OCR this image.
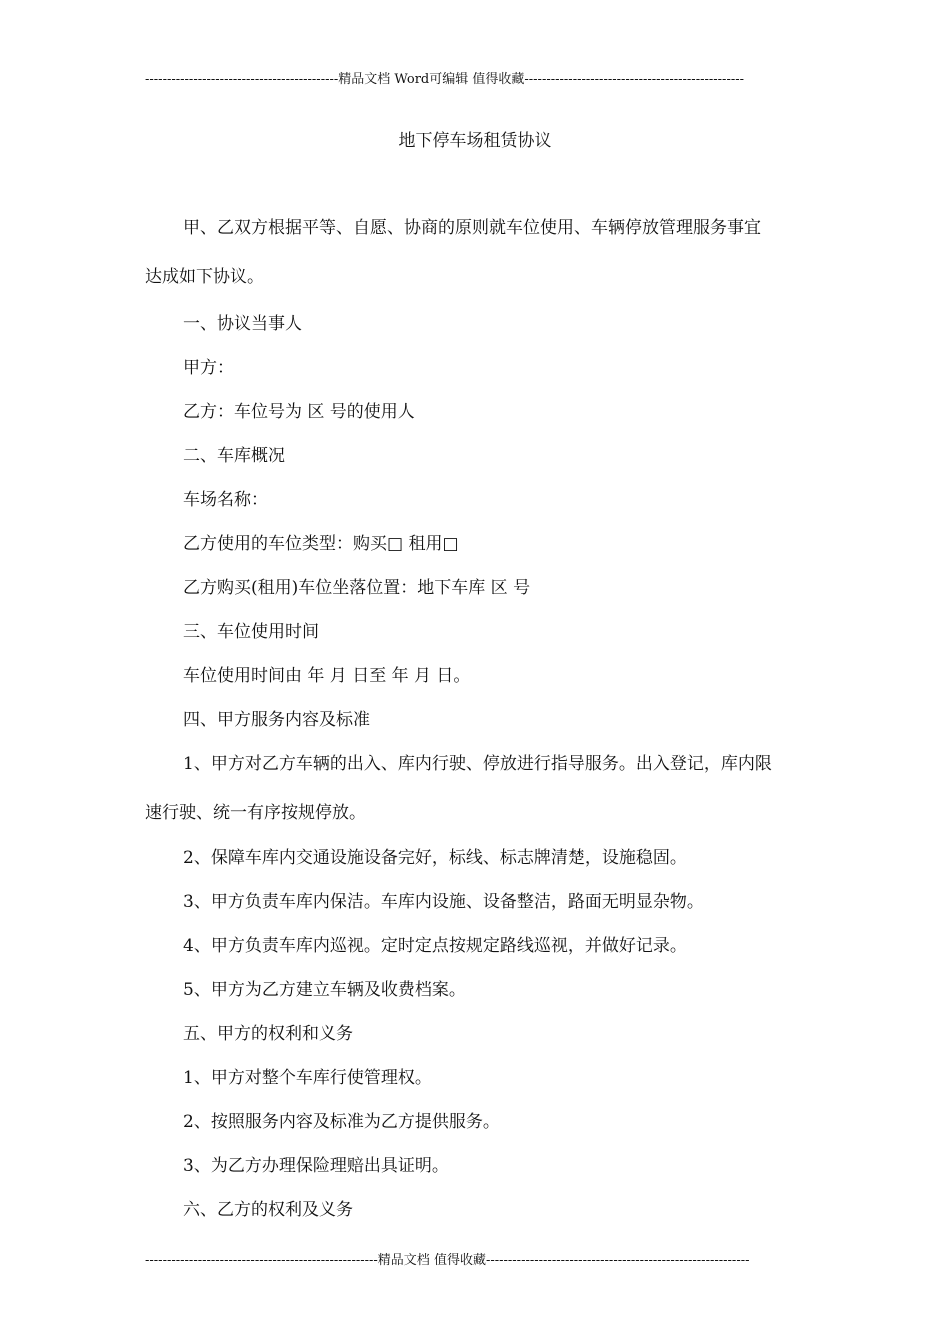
--------------------------------------------精品文档 Word可编辑 值得收藏--------------------------------------------------
地下停车场租赁协议
甲、乙双方根据平等、自愿、协商的原则就车位使用、车辆停放管理服务事宜
达成如下协议。
一、协议当事人
甲方：
乙方：车位号为 区 号的使用人
二、车库概况
车场名称：
乙方使用的车位类型：购买□ 租用□
乙方购买(租用)车位坐落位置：地下车库 区 号
三、车位使用时间
车位使用时间由 年 月 日至 年 月 日。
四、甲方服务内容及标准
1、甲方对乙方车辆的出入、库内行驶、停放进行指导服务。出入登记，库内限
速行驶、统一有序按规停放。
2、保障车库内交通设施设备完好，标线、标志牌清楚，设施稳固。
3、甲方负责车库内保洁。车库内设施、设备整洁，路面无明显杂物。
4、甲方负责车库内巡视。定时定点按规定路线巡视，并做好记录。
5、甲方为乙方建立车辆及收费档案。
五、甲方的权利和义务
1、甲方对整个车库行使管理权。
2、按照服务内容及标准为乙方提供服务。
3、为乙方办理保险理赔出具证明。
六、乙方的权利及义务
-----------------------------------------------------精品文档 值得收藏------------------------------------------------------------
